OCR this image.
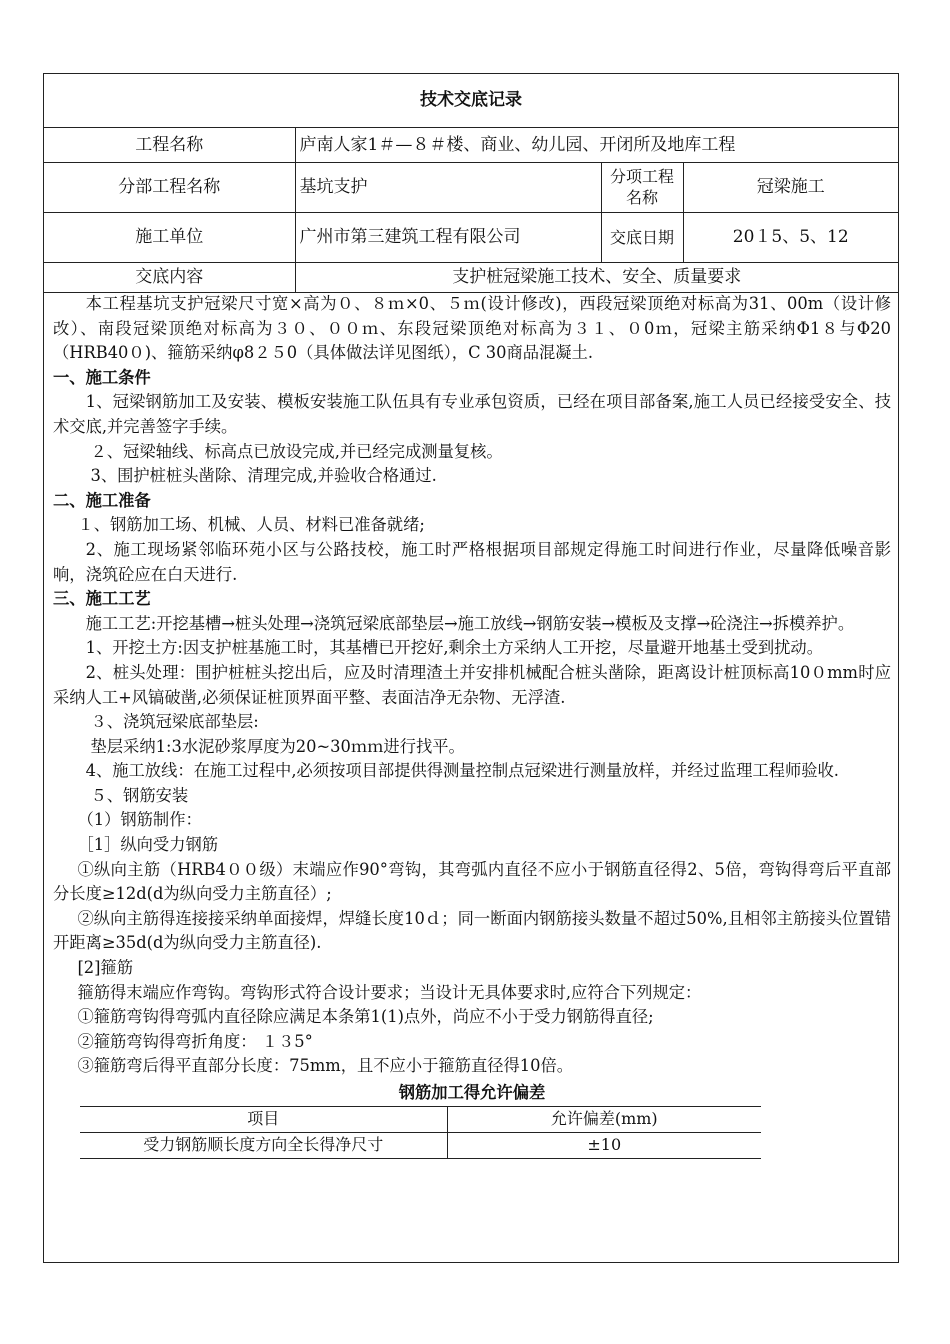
技术交底记录			
工程名称	庐南人家1＃—８＃楼、商业、幼儿园、开闭所及地库工程		
分部工程名称	基坑支护	分项工程名称	冠梁施工
施工单位	广州市第三建筑工程有限公司	交底日期	20１5、5、12
交底内容	支护桩冠梁施工技术、安全、质量要求		

本工程基坑支护冠梁尺寸宽×高为０、８ｍ×0、５ｍ(设计修改)，西段冠梁顶绝对标高为31、00m（设计修改）、南段冠梁顶绝对标高为３０、００ｍ、东段冠梁顶绝对标高为３１、０0ｍ，冠梁主筋采纳Φ1８与Φ20（HRB40０)、箍筋采纳φ8２５0（具体做法详见图纸），C 30商品混凝土.

一、施工条件

1、冠梁钢筋加工及安装、模板安装施工队伍具有专业承包资质，已经在项目部备案,施工人员已经接受安全、技术交底,并完善签字手续。

２、冠梁轴线、标高点已放设完成,并已经完成测量复核。

3、围护桩桩头凿除、清理完成,并验收合格通过.

二、施工准备

１、钢筋加工场、机械、人员、材料已准备就绪;

2、施工现场紧邻临环苑小区与公路技校，施工时严格根据项目部规定得施工时间进行作业，尽量降低噪音影响，浇筑砼应在白天进行.

三、施工工艺

施工工艺:开挖基槽→桩头处理→浇筑冠梁底部垫层→施工放线→钢筋安装→模板及支撑→砼浇注→拆模养护。

1、开挖土方:因支护桩基施工时，其基槽已开挖好,剩余土方采纳人工开挖，尽量避开地基土受到扰动。

2、桩头处理：围护桩桩头挖出后，应及时清理渣土并安排机械配合桩头凿除，距离设计桩顶标高10０mm时应采纳人工+风镐破凿,必须保证桩顶界面平整、表面洁净无杂物、无浮渣.

３、浇筑冠梁底部垫层:

垫层采纳1:3水泥砂浆厚度为20~30ｍｍ进行找平。

4、施工放线：在施工过程中,必须按项目部提供得测量控制点冠梁进行测量放样，并经过监理工程师验收.

５、钢筋安装

（1）钢筋制作：

［1］纵向受力钢筋

①纵向主筋（HRB4００级）末端应作90°弯钩，其弯弧内直径不应小于钢筋直径得2、5倍，弯钩得弯后平直部分长度≥12d(d为纵向受力主筋直径）;

②纵向主筋得连接接采纳单面接焊，焊缝长度10ｄ；同一断面内钢筋接头数量不超过50%,且相邻主筋接头位置错开距离≥35d(d为纵向受力主筋直径).

[2]箍筋

箍筋得末端应作弯钩。弯钩形式符合设计要求；当设计无具体要求时,应符合下列规定：

①箍筋弯钩得弯弧内直径除应满足本条第1(1)点外，尚应不小于受力钢筋得直径;

②箍筋弯钩得弯折角度： １３5°

③箍筋弯后得平直部分长度：75mm，且不应小于箍筋直径得10倍。

钢筋加工得允许偏差

项目	允许偏差(mm)
受力钢筋顺长度方向全长得净尺寸	±10
